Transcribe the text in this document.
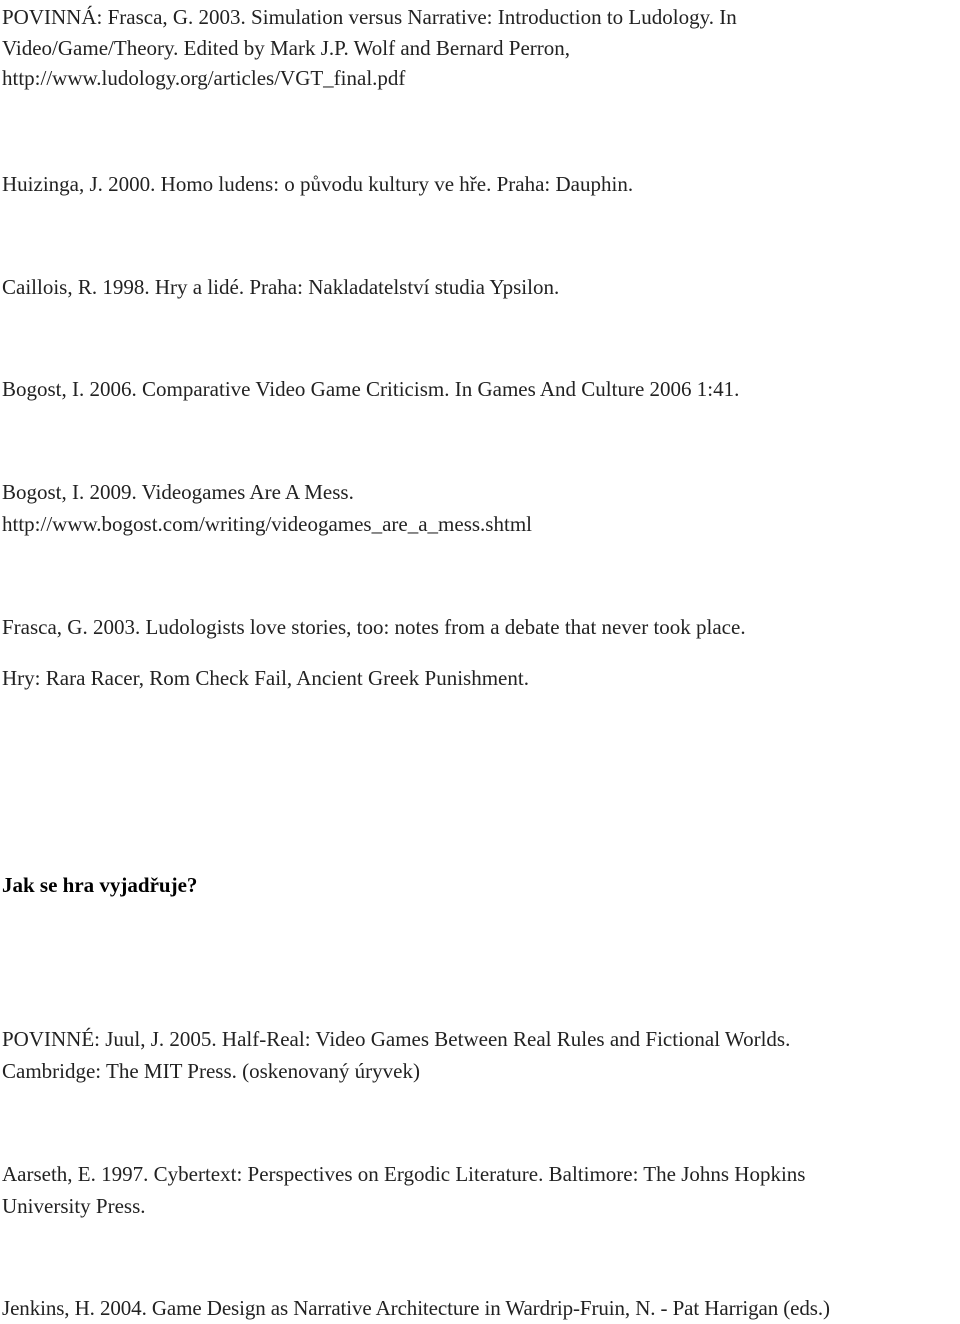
POVINNÁ: Frasca, G. 2003. Simulation versus Narrative: Introduction to Ludology. In
Video/Game/Theory. Edited by Mark J.P. Wolf and Bernard Perron,
http://www.ludology.org/articles/VGT_final.pdf
Huizinga, J. 2000. Homo ludens: o původu kultury ve hře. Praha: Dauphin.
Caillois, R. 1998. Hry a lidé. Praha: Nakladatelství studia Ypsilon.
Bogost, I. 2006. Comparative Video Game Criticism. In Games And Culture 2006 1:41.
Bogost, I. 2009. Videogames Are A Mess.
http://www.bogost.com/writing/videogames_are_a_mess.shtml
Frasca, G. 2003. Ludologists love stories, too: notes from a debate that never took place.
Hry: Rara Racer, Rom Check Fail, Ancient Greek Punishment.
Jak se hra vyjadřuje?
POVINNÉ: Juul, J. 2005. Half-Real: Video Games Between Real Rules and Fictional Worlds.
Cambridge: The MIT Press. (oskenovaný úryvek)
Aarseth, E. 1997. Cybertext: Perspectives on Ergodic Literature. Baltimore: The Johns Hopkins
University Press.
Jenkins, H. 2004. Game Design as Narrative Architecture in Wardrip-Fruin, N. - Pat Harrigan (eds.)
